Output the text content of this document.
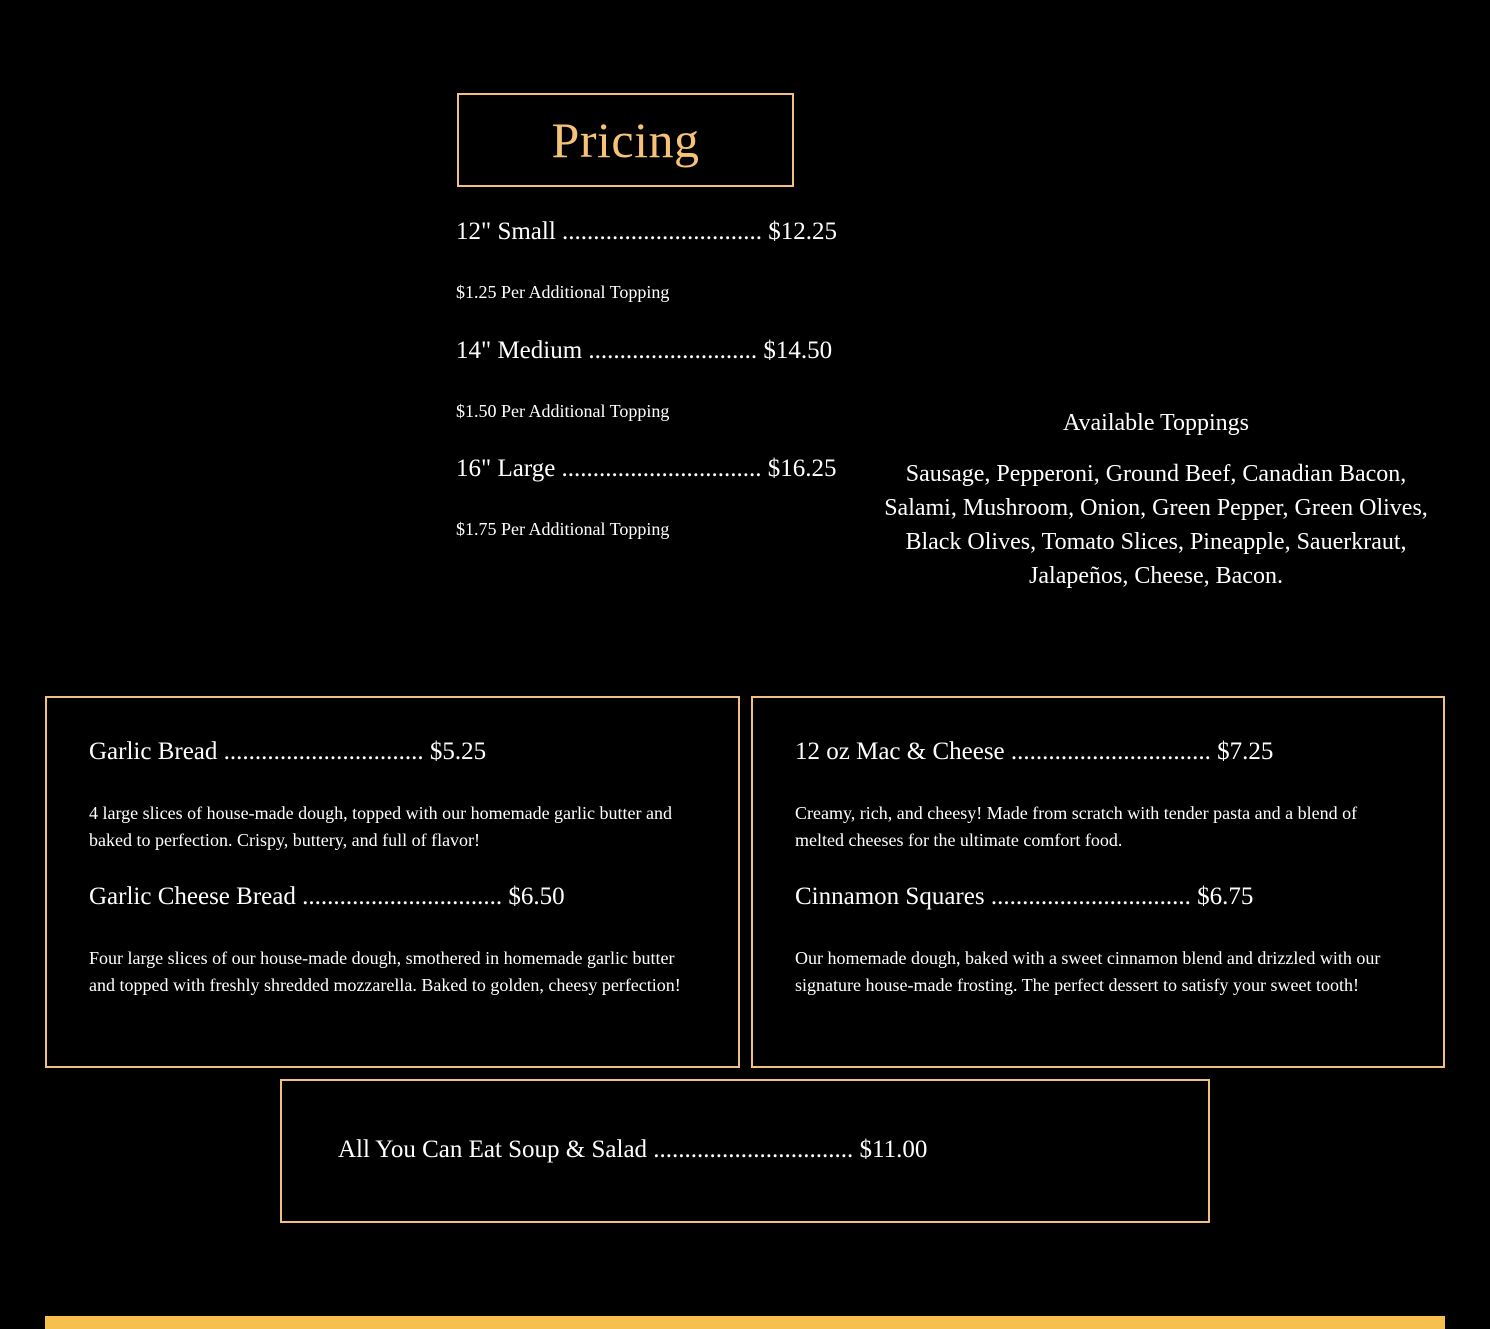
Pricing
12" Small ................................ $12.25
$1.25 Per Additional Topping
14" Medium ........................... $14.50
$1.50 Per Additional Topping
16" Large ................................ $16.25
$1.75 Per Additional Topping
Available Toppings
Sausage, Pepperoni, Ground Beef, Canadian Bacon, Salami, Mushroom, Onion, Green Pepper, Green Olives, Black Olives, Tomato Slices, Pineapple, Sauerkraut, Jalapeños, Cheese, Bacon.
Garlic Bread ................................ $5.25
4 large slices of house-made dough, topped with our homemade garlic butter and baked to perfection. Crispy, buttery, and full of flavor!
Garlic Cheese Bread ................................ $6.50
Four large slices of our house-made dough, smothered in homemade garlic butter and topped with freshly shredded mozzarella. Baked to golden, cheesy perfection!
12 oz Mac & Cheese ................................ $7.25
Creamy, rich, and cheesy! Made from scratch with tender pasta and a blend of melted cheeses for the ultimate comfort food.
Cinnamon Squares ................................ $6.75
Our homemade dough, baked with a sweet cinnamon blend and drizzled with our signature house-made frosting. The perfect dessert to satisfy your sweet tooth!
All You Can Eat Soup & Salad ................................ $11.00
